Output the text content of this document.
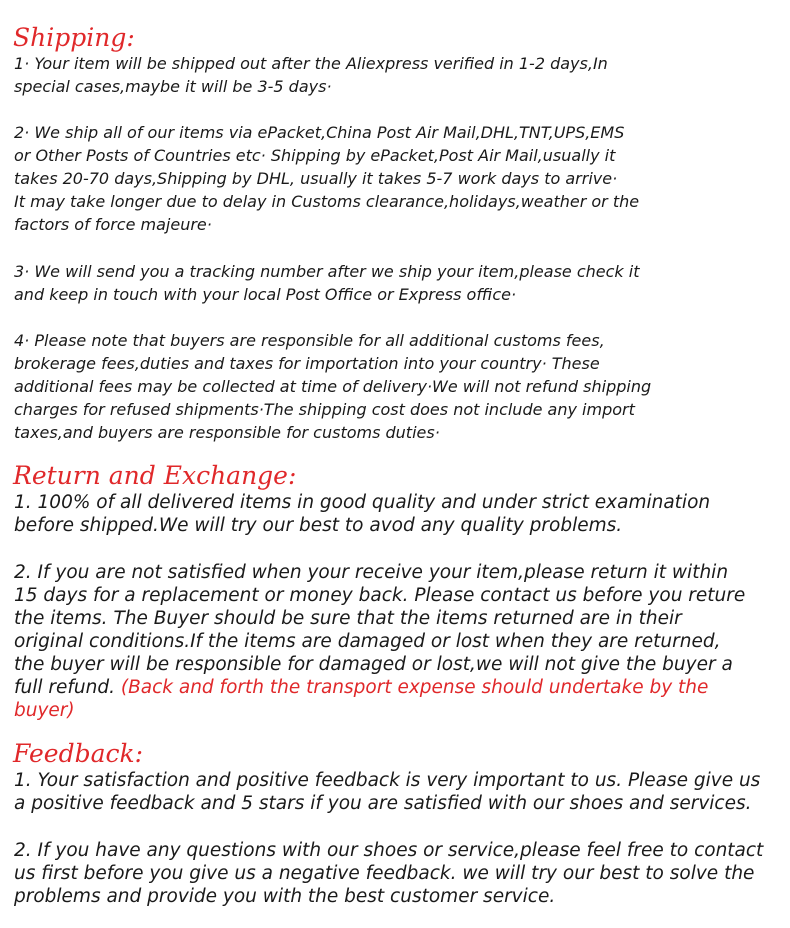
Shipping:
1· Your item will be shipped out after the Aliexpress verified in 1-2 days,In
special cases,maybe it will be 3-5 days·
2· We ship all of our items via ePacket,China Post Air Mail,DHL,TNT,UPS,EMS
or Other Posts of Countries etc· Shipping by ePacket,Post Air Mail,usually it
takes 20-70 days,Shipping by DHL, usually it takes 5-7 work days to arrive·
It may take longer due to delay in Customs clearance,holidays,weather or the
factors of force majeure·
3· We will send you a tracking number after we ship your item,please check it
and keep in touch with your local Post Office or Express office·
4· Please note that buyers are responsible for all additional customs fees,
brokerage fees,duties and taxes for importation into your country· These
additional fees may be collected at time of delivery·We will not refund shipping
charges for refused shipments·The shipping cost does not include any import
taxes,and buyers are responsible for customs duties·
Return and Exchange:
1. 100% of all delivered items in good quality and under strict examination
before shipped.We will try our best to avod any quality problems.
2. If you are not satisfied when your receive your item,please return it within
15 days for a replacement or money back. Please contact us before you reture
the items. The Buyer should be sure that the items returned are in their
original conditions.If the items are damaged or lost when they are returned,
the buyer will be responsible for damaged or lost,we will not give the buyer a
full refund. (Back and forth the transport expense should undertake by the
buyer)
Feedback:
1. Your satisfaction and positive feedback is very important to us. Please give us
a positive feedback and 5 stars if you are satisfied with our shoes and services.
2. If you have any questions with our shoes or service,please feel free to contact
us first before you give us a negative feedback. we will try our best to solve the
problems and provide you with the best customer service.
